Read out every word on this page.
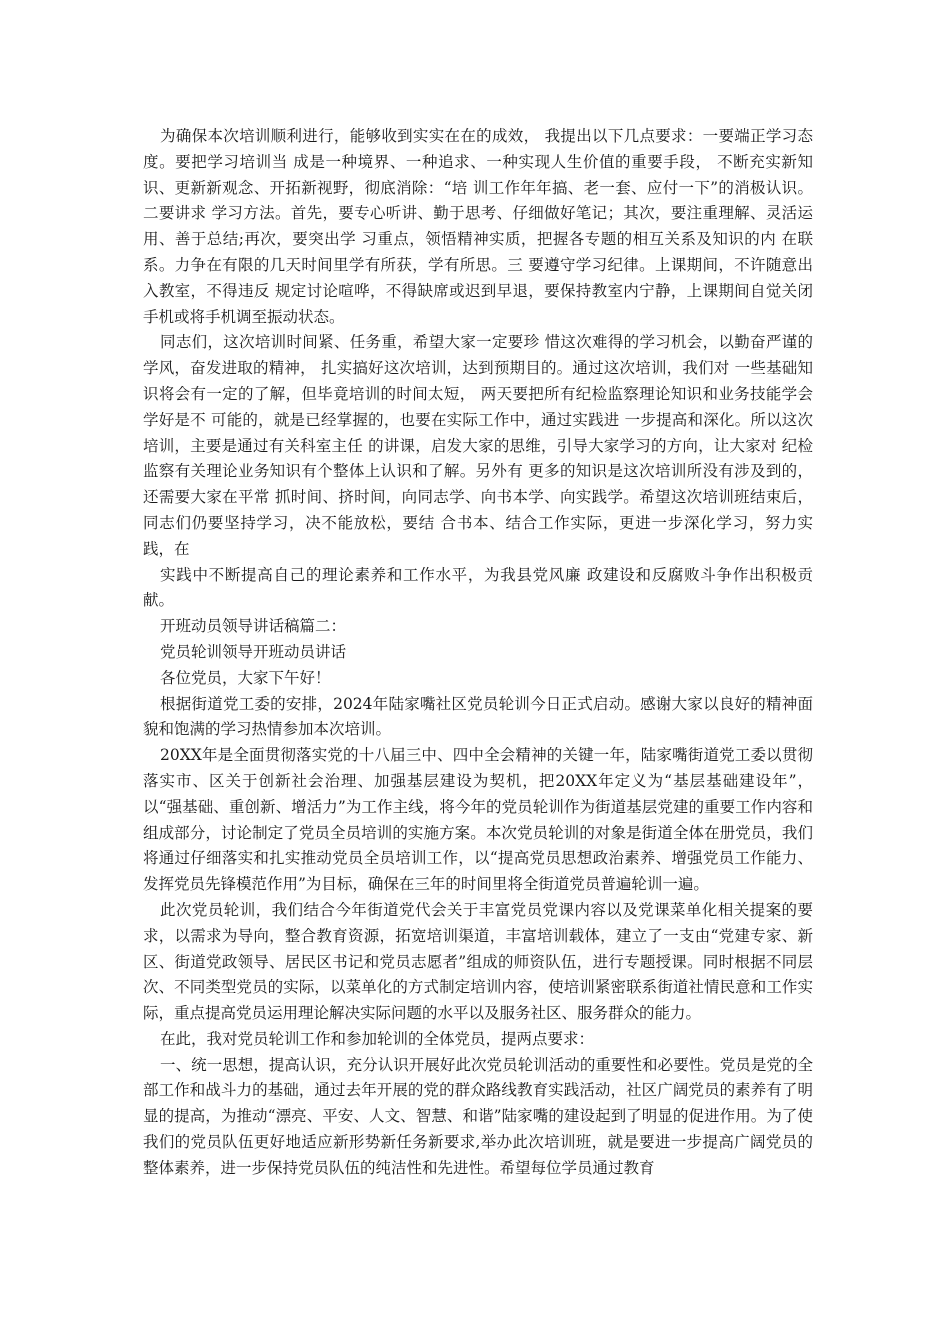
为确保本次培训顺利进行，能够收到实实在在的成效， 我提出以下几点要求：一要端正学习态度。要把学习培训当 成是一种境界、一种追求、一种实现人生价值的重要手段， 不断充实新知识、更新新观念、开拓新视野，彻底消除：“培 训工作年年搞、老一套、应付一下”的消极认识。二要讲求 学习方法。首先，要专心听讲、勤于思考、仔细做好笔记；其次，要注重理解、灵活运用、善于总结;再次，要突出学 习重点，领悟精神实质，把握各专题的相互关系及知识的内 在联系。力争在有限的几天时间里学有所获，学有所思。三 要遵守学习纪律。上课期间，不许随意出入教室，不得违反 规定讨论喧哗，不得缺席或迟到早退，要保持教室内宁静，上课期间自觉关闭手机或将手机调至振动状态。

同志们，这次培训时间紧、任务重，希望大家一定要珍 惜这次难得的学习机会，以勤奋严谨的学风，奋发进取的精神， 扎实搞好这次培训，达到预期目的。通过这次培训，我们对 一些基础知识将会有一定的了解，但毕竟培训的时间太短， 两天要把所有纪检监察理论知识和业务技能学会学好是不 可能的，就是已经掌握的，也要在实际工作中，通过实践进 一步提高和深化。所以这次培训，主要是通过有关科室主任 的讲课，启发大家的思维，引导大家学习的方向，让大家对 纪检监察有关理论业务知识有个整体上认识和了解。另外有 更多的知识是这次培训所没有涉及到的，还需要大家在平常 抓时间、挤时间，向同志学、向书本学、向实践学。希望这次培训班结束后，同志们仍要坚持学习，决不能放松，要结 合书本、结合工作实际，更进一步深化学习，努力实践，在

实践中不断提高自己的理论素养和工作水平，为我县党风廉 政建设和反腐败斗争作出积极贡献。

开班动员领导讲话稿篇二：

党员轮训领导开班动员讲话

各位党员，大家下午好！

根据街道党工委的安排，2024年陆家嘴社区党员轮训今日正式启动。感谢大家以良好的精神面貌和饱满的学习热情参加本次培训。

20XX年是全面贯彻落实党的十八届三中、四中全会精神的关键一年，陆家嘴街道党工委以贯彻落实市、区关于创新社会治理、加强基层建设为契机，把20XX年定义为“基层基础建设年”，以“强基础、重创新、增活力”为工作主线，将今年的党员轮训作为街道基层党建的重要工作内容和组成部分，讨论制定了党员全员培训的实施方案。本次党员轮训的对象是街道全体在册党员，我们将通过仔细落实和扎实推动党员全员培训工作，以“提高党员思想政治素养、增强党员工作能力、发挥党员先锋模范作用”为目标，确保在三年的时间里将全街道党员普遍轮训一遍。

此次党员轮训，我们结合今年街道党代会关于丰富党员党课内容以及党课菜单化相关提案的要求，以需求为导向，整合教育资源，拓宽培训渠道，丰富培训载体，建立了一支由“党建专家、新区、街道党政领导、居民区书记和党员志愿者”组成的师资队伍，进行专题授课。同时根据不同层次、不同类型党员的实际，以菜单化的方式制定培训内容，使培训紧密联系街道社情民意和工作实际，重点提高党员运用理论解决实际问题的水平以及服务社区、服务群众的能力。

在此，我对党员轮训工作和参加轮训的全体党员，提两点要求：

一、统一思想，提高认识，充分认识开展好此次党员轮训活动的重要性和必要性。党员是党的全部工作和战斗力的基础，通过去年开展的党的群众路线教育实践活动，社区广阔党员的素养有了明显的提高，为推动“漂亮、平安、人文、智慧、和谐”陆家嘴的建设起到了明显的促进作用。为了使我们的党员队伍更好地适应新形势新任务新要求,举办此次培训班，就是要进一步提高广阔党员的整体素养，进一步保持党员队伍的纯洁性和先进性。希望每位学员通过教育
